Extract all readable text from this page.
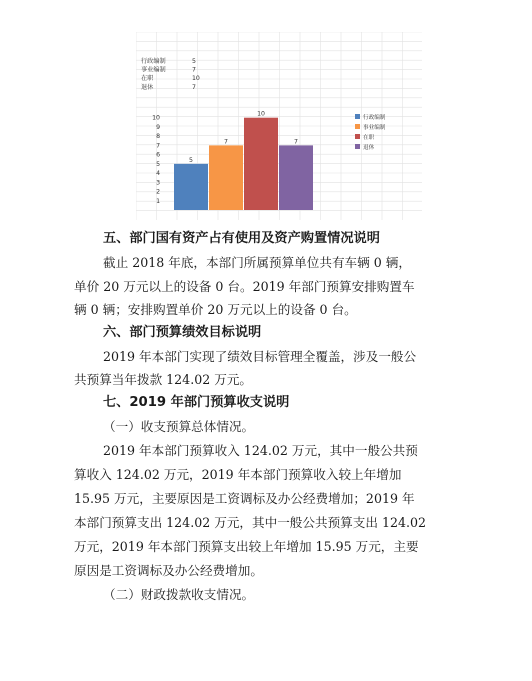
行政编制	5
事业编制	7
在职	10
退休	7
1
2
3
4
5
6
7
8
9
10
5
7
10
7
行政编制
事业编制
在职
退休
五、部门国有资产占有使用及资产购置情况说明
截止 2018 年底，本部门所属预算单位共有车辆 0 辆，
单价 20 万元以上的设备 0 台。2019 年部门预算安排购置车
辆 0 辆；安排购置单价 20 万元以上的设备 0 台。
六、部门预算绩效目标说明
2019 年本部门实现了绩效目标管理全覆盖，涉及一般公
共预算当年拨款 124.02 万元。
七、2019 年部门预算收支说明
（一）收支预算总体情况。
2019 年本部门预算收入 124.02 万元，其中一般公共预
算收入 124.02 万元，2019 年本部门预算收入较上年增加
15.95 万元，主要原因是工资调标及办公经费增加；2019 年
本部门预算支出 124.02 万元，其中一般公共预算支出 124.02
万元，2019 年本部门预算支出较上年增加 15.95 万元，主要
原因是工资调标及办公经费增加。
（二）财政拨款收支情况。
